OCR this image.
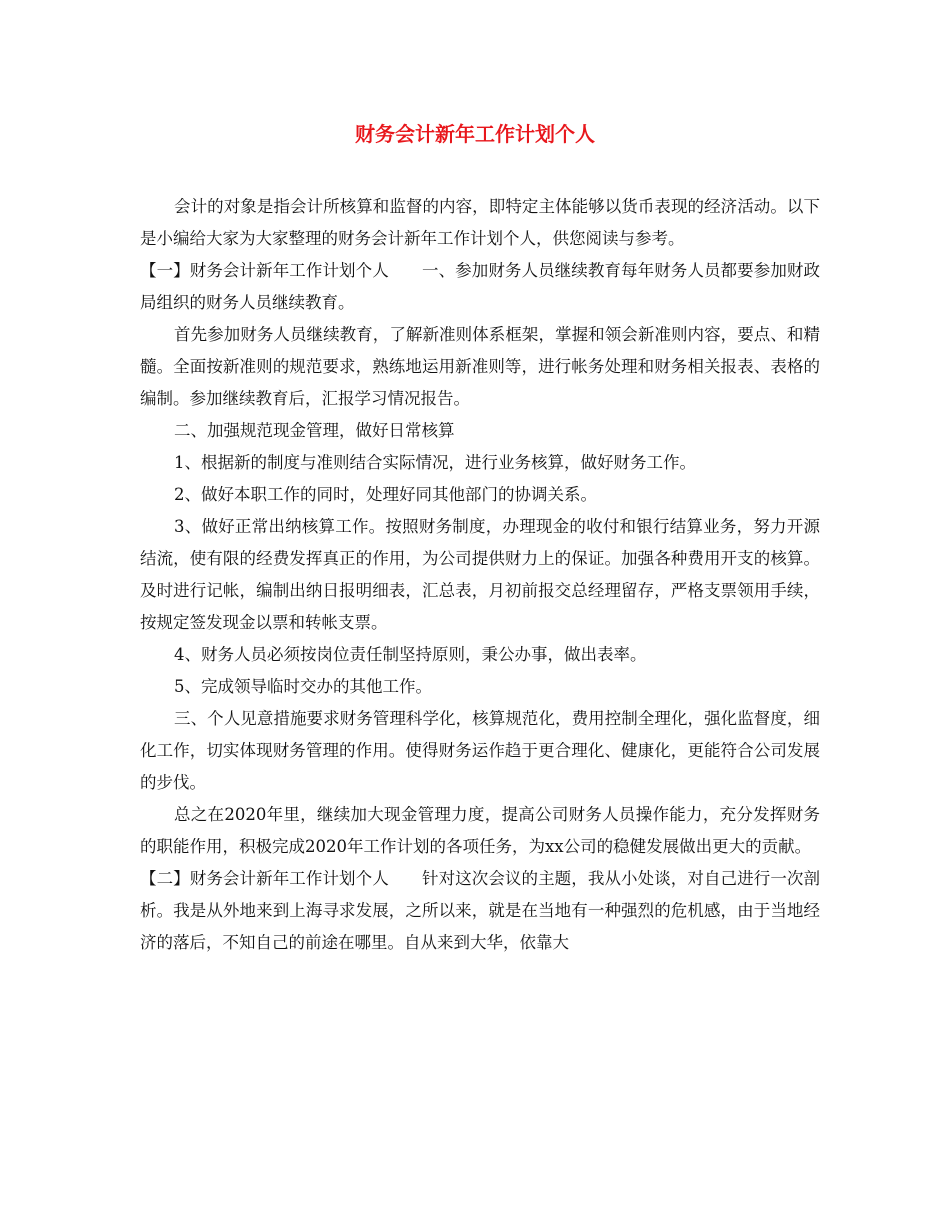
财务会计新年工作计划个人

会计的对象是指会计所核算和监督的内容，即特定主体能够以货币表现的经济活动。以下是小编给大家为大家整理的财务会计新年工作计划个人，供您阅读与参考。

【一】财务会计新年工作计划个人　　一、参加财务人员继续教育每年财务人员都要参加财政局组织的财务人员继续教育。

首先参加财务人员继续教育，了解新准则体系框架，掌握和领会新准则内容，要点、和精髓。全面按新准则的规范要求，熟练地运用新准则等，进行帐务处理和财务相关报表、表格的编制。参加继续教育后，汇报学习情况报告。

二、加强规范现金管理，做好日常核算

1、根据新的制度与准则结合实际情况，进行业务核算，做好财务工作。

2、做好本职工作的同时，处理好同其他部门的协调关系。

3、做好正常出纳核算工作。按照财务制度，办理现金的收付和银行结算业务，努力开源结流，使有限的经费发挥真正的作用，为公司提供财力上的保证。加强各种费用开支的核算。及时进行记帐，编制出纳日报明细表，汇总表，月初前报交总经理留存，严格支票领用手续，按规定签发现金以票和转帐支票。

4、财务人员必须按岗位责任制坚持原则，秉公办事，做出表率。

5、完成领导临时交办的其他工作。

三、个人见意措施要求财务管理科学化，核算规范化，费用控制全理化，强化监督度，细化工作，切实体现财务管理的作用。使得财务运作趋于更合理化、健康化，更能符合公司发展的步伐。

总之在2020年里，继续加大现金管理力度，提高公司财务人员操作能力，充分发挥财务的职能作用，积极完成2020年工作计划的各项任务，为xx公司的稳健发展做出更大的贡献。

【二】财务会计新年工作计划个人　　针对这次会议的主题，我从小处谈，对自己进行一次剖析。我是从外地来到上海寻求发展，之所以来，就是在当地有一种强烈的危机感，由于当地经济的落后，不知自己的前途在哪里。自从来到大华，依靠大
